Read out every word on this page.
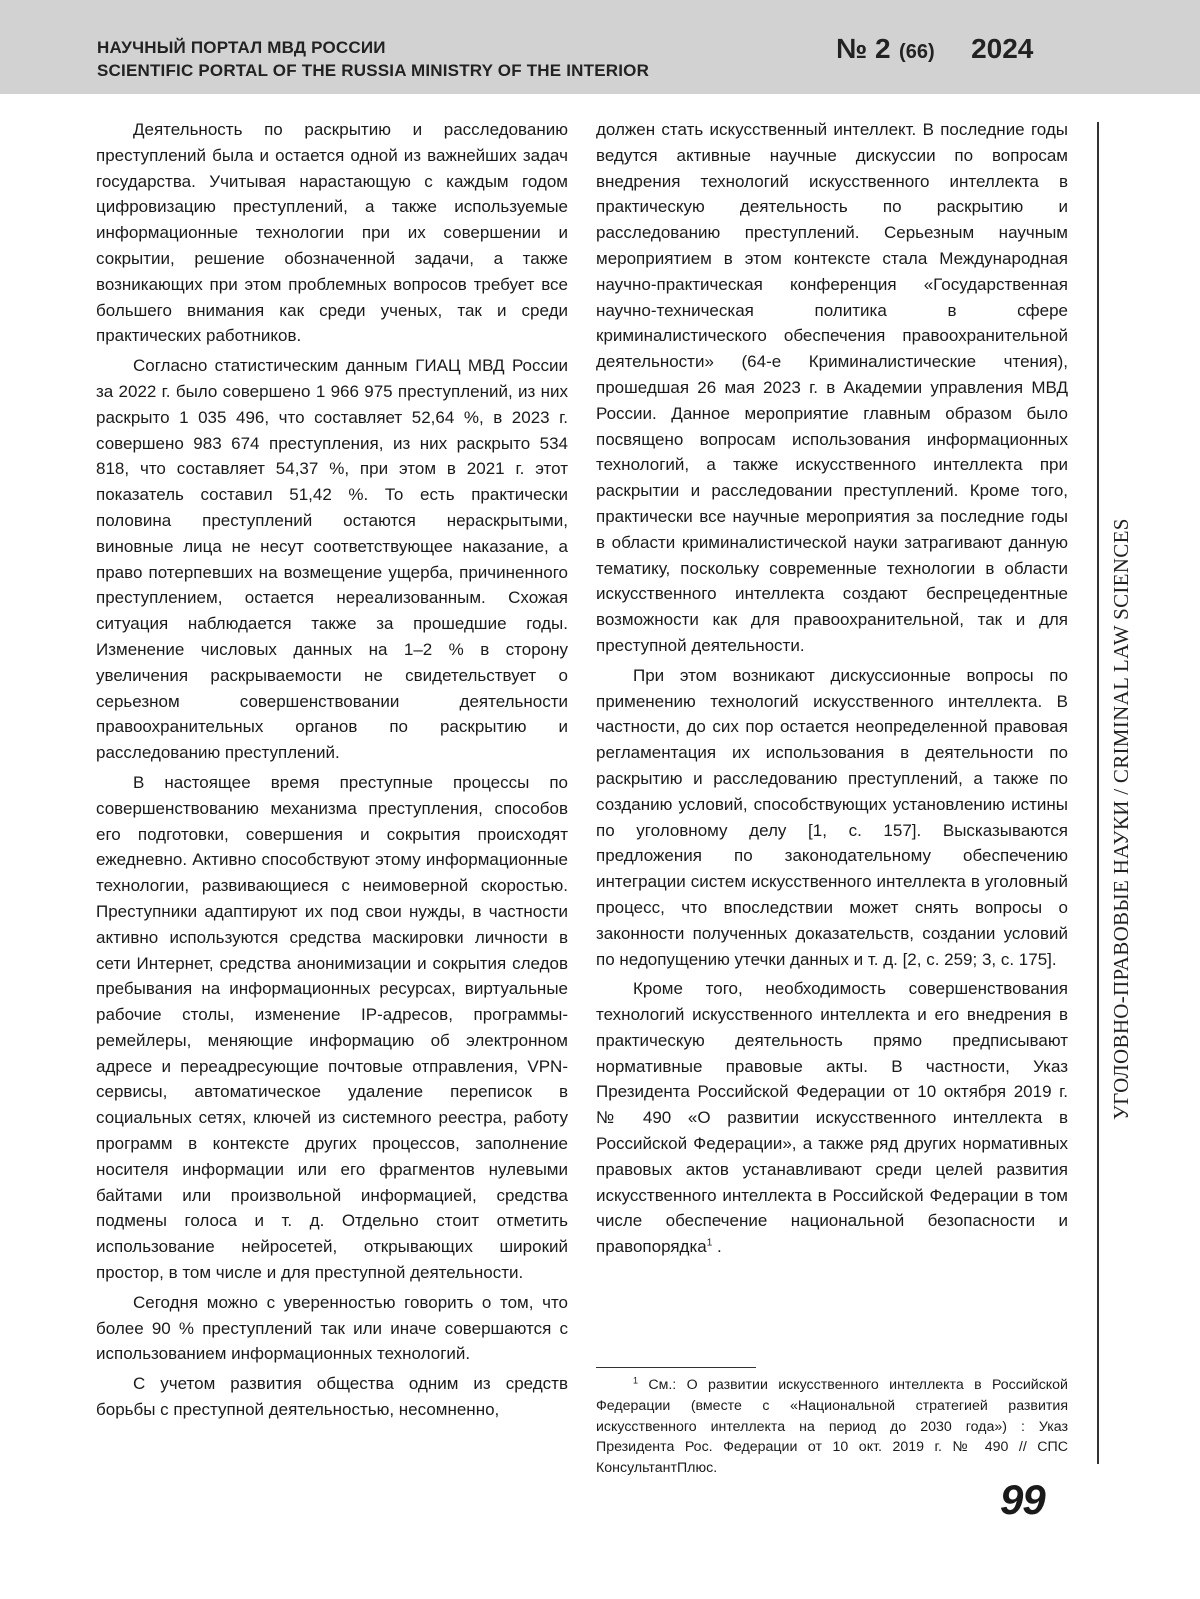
НАУЧНЫЙ ПОРТАЛ МВД РОССИИ
SCIENTIFIC PORTAL OF THE RUSSIA MINISTRY OF THE INTERIOR
№ 2 (66) 2024

Деятельность по раскрытию и расследованию преступлений была и остается одной из важнейших задач государства. Учитывая нарастающую с каждым годом цифровизацию преступлений, а также используемые информационные технологии при их совершении и сокрытии, решение обозначенной задачи, а также возникающих при этом проблемных вопросов требует все большего внимания как среди ученых, так и среди практических работников.

Согласно статистическим данным ГИАЦ МВД России за 2022 г. было совершено 1 966 975 преступлений, из них раскрыто 1 035 496, что составляет 52,64 %, в 2023 г. совершено 983 674 преступления, из них раскрыто 534 818, что составляет 54,37 %, при этом в 2021 г. этот показатель составил 51,42 %. То есть практически половина преступлений остаются нераскрытыми, виновные лица не несут соответствующее наказание, а право потерпевших на возмещение ущерба, причиненного преступлением, остается нереализованным. Схожая ситуация наблюдается также за прошедшие годы. Изменение числовых данных на 1–2 % в сторону увеличения раскрываемости не свидетельствует о серьезном совершенствовании деятельности правоохранительных органов по раскрытию и расследованию преступлений.

В настоящее время преступные процессы по совершенствованию механизма преступления, способов его подготовки, совершения и сокрытия происходят ежедневно. Активно способствуют этому информационные технологии, развивающиеся с неимоверной скоростью. Преступники адаптируют их под свои нужды, в частности активно используются средства маскировки личности в сети Интернет, средства анонимизации и сокрытия следов пребывания на информационных ресурсах, виртуальные рабочие столы, изменение IP-адресов, программы-ремейлеры, меняющие информацию об электронном адресе и переадресующие почтовые отправления, VPN-сервисы, автоматическое удаление переписок в социальных сетях, ключей из системного реестра, работу программ в контексте других процессов, заполнение носителя информации или его фрагментов нулевыми байтами или произвольной информацией, средства подмены голоса и т. д. Отдельно стоит отметить использование нейросетей, открывающих широкий простор, в том числе и для преступной деятельности.

Сегодня можно с уверенностью говорить о том, что более 90 % преступлений так или иначе совершаются с использованием информационных технологий.

С учетом развития общества одним из средств борьбы с преступной деятельностью, несомненно,

должен стать искусственный интеллект. В последние годы ведутся активные научные дискуссии по вопросам внедрения технологий искусственного интеллекта в практическую деятельность по раскрытию и расследованию преступлений. Серьезным научным мероприятием в этом контексте стала Международная научно-практическая конференция «Государственная научно-техническая политика в сфере криминалистического обеспечения правоохранительной деятельности» (64-е Криминалистические чтения), прошедшая 26 мая 2023 г. в Академии управления МВД России. Данное мероприятие главным образом было посвящено вопросам использования информационных технологий, а также искусственного интеллекта при раскрытии и расследовании преступлений. Кроме того, практически все научные мероприятия за последние годы в области криминалистической науки затрагивают данную тематику, поскольку современные технологии в области искусственного интеллекта создают беспрецедентные возможности как для правоохранительной, так и для преступной деятельности.

При этом возникают дискуссионные вопросы по применению технологий искусственного интеллекта. В частности, до сих пор остается неопределенной правовая регламентация их использования в деятельности по раскрытию и расследованию преступлений, а также по созданию условий, способствующих установлению истины по уголовному делу [1, с. 157]. Высказываются предложения по законодательному обеспечению интеграции систем искусственного интеллекта в уголовный процесс, что впоследствии может снять вопросы о законности полученных доказательств, создании условий по недопущению утечки данных и т. д. [2, с. 259; 3, с. 175].

Кроме того, необходимость совершенствования технологий искусственного интеллекта и его внедрения в практическую деятельность прямо предписывают нормативные правовые акты. В частности, Указ Президента Российской Федерации от 10 октября 2019 г. № 490 «О развитии искусственного интеллекта в Российской Федерации», а также ряд других нормативных правовых актов устанавливают среди целей развития искусственного интеллекта в Российской Федерации в том числе обеспечение национальной безопасности и правопорядка$^1$ .

УГОЛОВНО-ПРАВОВЫЕ НАУКИ / CRIMINAL LAW SCIENCES

$^1$ См.: О развитии искусственного интеллекта в Российской Федерации (вместе с «Национальной стратегией развития искусственного интеллекта на период до 2030 года») : Указ Президента Рос. Федерации от 10 окт. 2019 г. № 490 // СПС КонсультантПлюс.

99
